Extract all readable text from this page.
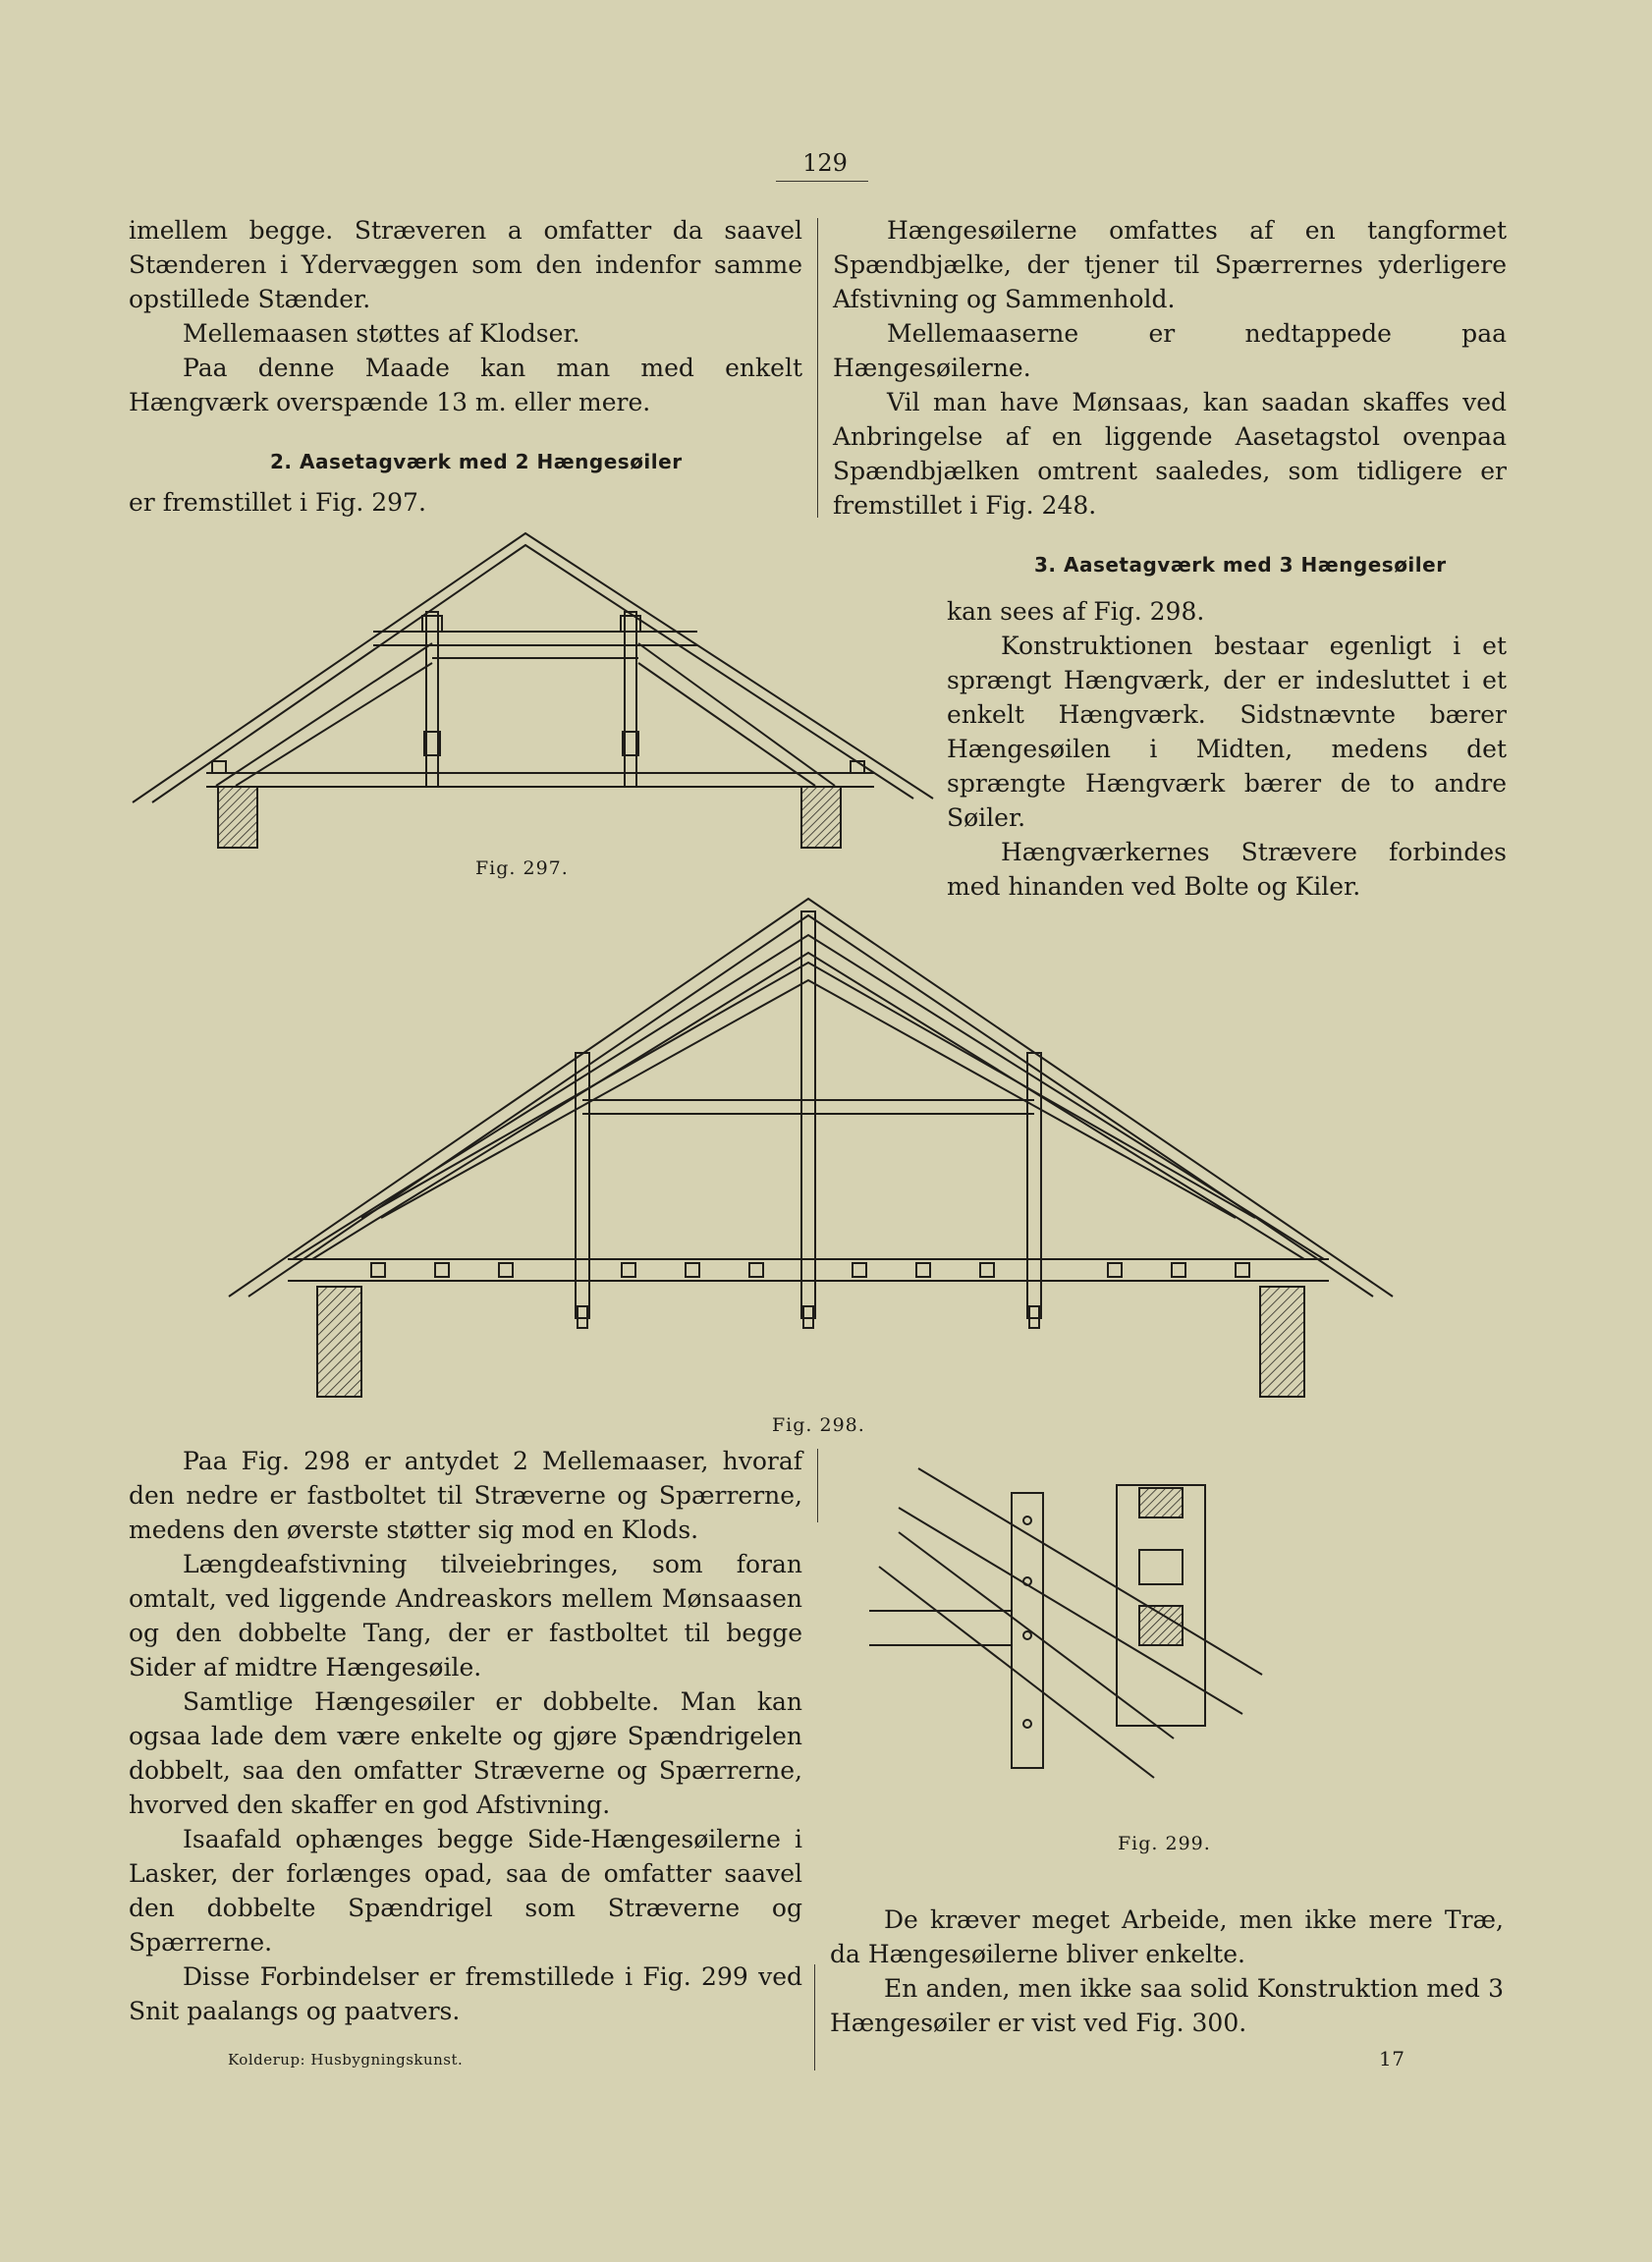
129

imellem begge. Stræveren a omfatter da saavel Stænderen i Ydervæggen som den indenfor samme opstillede Stænder.

Mellemaasen støttes af Klodser.

Paa denne Maade kan man med enkelt Hængværk overspænde 13 m. eller mere.

2. Aasetagværk med 2 Hængesøiler

er fremstillet i Fig. 297.

Hængesøilerne omfattes af en tangformet Spændbjælke, der tjener til Spærrernes yderligere Afstivning og Sammenhold.

Mellemaaserne er nedtappede paa Hængesøilerne.

Vil man have Mønsaas, kan saadan skaffes ved Anbringelse af en liggende Aasetagstol ovenpaa Spændbjælken omtrent saaledes, som tidligere er fremstillet i Fig. 248.

3. Aasetagværk med 3 Hængesøiler

kan sees af Fig. 298.

Konstruktionen bestaar egenligt i et sprængt Hængværk, der er indesluttet i et enkelt Hængværk. Sidstnævnte bærer Hængesøilen i Midten, medens det sprængte Hængværk bærer de to andre Søiler.

Hængværkernes Strævere forbindes med hinanden ved Bolte og Kiler.

Fig. 297.
Fig. 298.

Paa Fig. 298 er antydet 2 Mellemaaser, hvoraf den nedre er fastboltet til Stræverne og Spærrerne, medens den øverste støtter sig mod en Klods.

Længdeafstivning tilveiebringes, som foran omtalt, ved liggende Andreaskors mellem Mønsaasen og den dobbelte Tang, der er fastboltet til begge Sider af midtre Hængesøile.

Samtlige Hængesøiler er dobbelte. Man kan ogsaa lade dem være enkelte og gjøre Spændrigelen dobbelt, saa den omfatter Stræverne og Spærrerne, hvorved den skaffer en god Afstivning.

Isaafald ophænges begge Side-Hængesøilerne i Lasker, der forlænges opad, saa de omfatter saavel den dobbelte Spændrigel som Stræverne og Spærrerne.

Disse Forbindelser er fremstillede i Fig. 299 ved Snit paalangs og paatvers.

Kolderup: Husbygningskunst.
Fig. 299.

De kræver meget Arbeide, men ikke mere Træ, da Hængesøilerne bliver enkelte.

En anden, men ikke saa solid Konstruktion med 3 Hængesøiler er vist ved Fig. 300.

17
